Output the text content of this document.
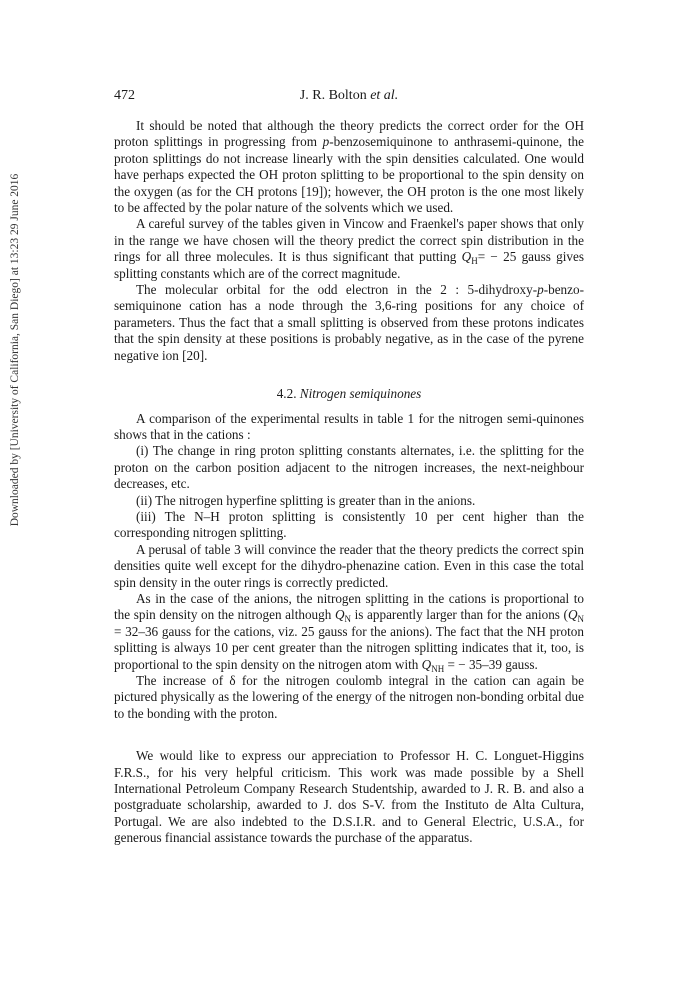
Downloaded by [University of California, San Diego] at 13:23 29 June 2016
472	J. R. Bolton et al.

It should be noted that although the theory predicts the correct order for the OH proton splittings in progressing from p-benzosemiquinone to anthrasemi-quinone, the proton splittings do not increase linearly with the spin densities calculated. One would have perhaps expected the OH proton splitting to be proportional to the spin density on the oxygen (as for the CH protons [19]); however, the OH proton is the one most likely to be affected by the polar nature of the solvents which we used.

A careful survey of the tables given in Vincow and Fraenkel's paper shows that only in the range we have chosen will the theory predict the correct spin distribution in the rings for all three molecules. It is thus significant that putting $Q_H= - 25$ gauss gives splitting constants which are of the correct magnitude.

The molecular orbital for the odd electron in the 2 : 5-dihydroxy-p-benzo-semiquinone cation has a node through the 3,6-ring positions for any choice of parameters. Thus the fact that a small splitting is observed from these protons indicates that the spin density at these positions is probably negative, as in the case of the pyrene negative ion [20].

4.2. Nitrogen semiquinones

A comparison of the experimental results in table 1 for the nitrogen semi-quinones shows that in the cations :

(i) The change in ring proton splitting constants alternates, i.e. the splitting for the proton on the carbon position adjacent to the nitrogen increases, the next-neighbour decreases, etc.

(ii) The nitrogen hyperfine splitting is greater than in the anions.

(iii) The N–H proton splitting is consistently 10 per cent higher than the corresponding nitrogen splitting.

A perusal of table 3 will convince the reader that the theory predicts the correct spin densities quite well except for the dihydro-phenazine cation. Even in this case the total spin density in the outer rings is correctly predicted.

As in the case of the anions, the nitrogen splitting in the cations is proportional to the spin density on the nitrogen although $Q_N$ is apparently larger than for the anions ($Q_N = 32-36$ gauss for the cations, viz. 25 gauss for the anions). The fact that the NH proton splitting is always 10 per cent greater than the nitrogen splitting indicates that it, too, is proportional to the spin density on the nitrogen atom with $Q_{NH}$ = − 35–39 gauss.

The increase of δ for the nitrogen coulomb integral in the cation can again be pictured physically as the lowering of the energy of the nitrogen non-bonding orbital due to the bonding with the proton.

We would like to express our appreciation to Professor H. C. Longuet-Higgins F.R.S., for his very helpful criticism. This work was made possible by a Shell International Petroleum Company Research Studentship, awarded to J. R. B. and also a postgraduate scholarship, awarded to J. dos S-V. from the Instituto de Alta Cultura, Portugal. We are also indebted to the D.S.I.R. and to General Electric, U.S.A., for generous financial assistance towards the purchase of the apparatus.
